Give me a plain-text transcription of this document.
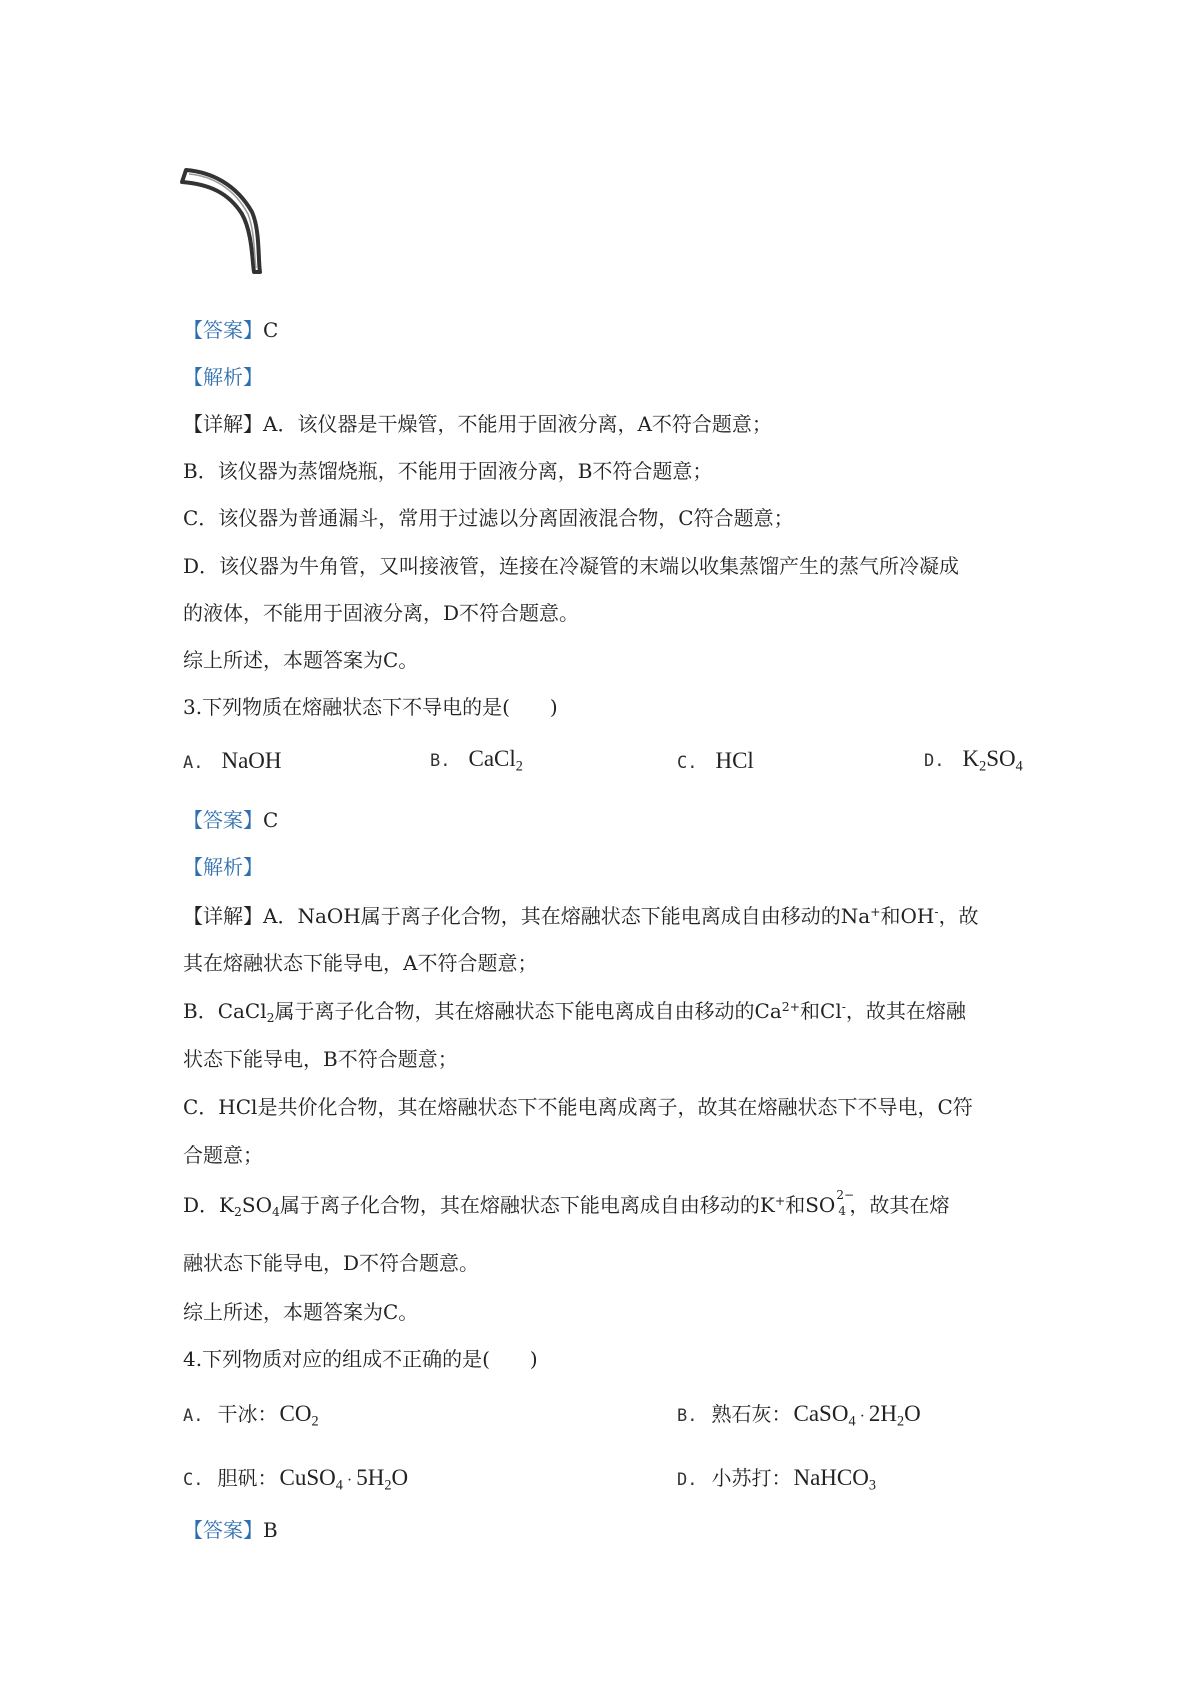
【答案】C
【解析】
【详解】A．该仪器是干燥管，不能用于固液分离，A不符合题意；
B．该仪器为蒸馏烧瓶，不能用于固液分离，B不符合题意；
C．该仪器为普通漏斗，常用于过滤以分离固液混合物，C符合题意；
D．该仪器为牛角管，又叫接液管，连接在冷凝管的末端以收集蒸馏产生的蒸气所冷凝成
的液体，不能用于固液分离，D不符合题意。
综上所述，本题答案为C。
3.下列物质在熔融状态下不导电的是(　　)
A. NaOH	B. CaCl$_2$	C. HCl	D. $K_2SO_4$
【答案】C
【解析】
【详解】A．NaOH属于离子化合物，其在熔融状态下能电离成自由移动的Na+和OH-，故
其在熔融状态下能导电，A不符合题意；
B．CaCl$_2$属于离子化合物，其在熔融状态下能电离成自由移动的$Ca^{2+}$和Cl-，故其在熔融
状态下能导电，B不符合题意；
C．HCl是共价化合物，其在熔融状态下不能电离成离子，故其在熔融状态下不导电，C符
合题意；
D．$K_2SO_4$属于离子化合物，其在熔融状态下能电离成自由移动的K+和SO 2−
4 ，故其在熔
融状态下能导电，D不符合题意。
综上所述，本题答案为C。
4.下列物质对应的组成不正确的是(　　)
A. 干冰：$CO_2$	B. 熟石灰：CaSO$_4$ · $2H_2O$
C. 胆矾：CuSO$_4$ · $5H_2O$	D. 小苏打：NaHCO$_3$
【答案】B
